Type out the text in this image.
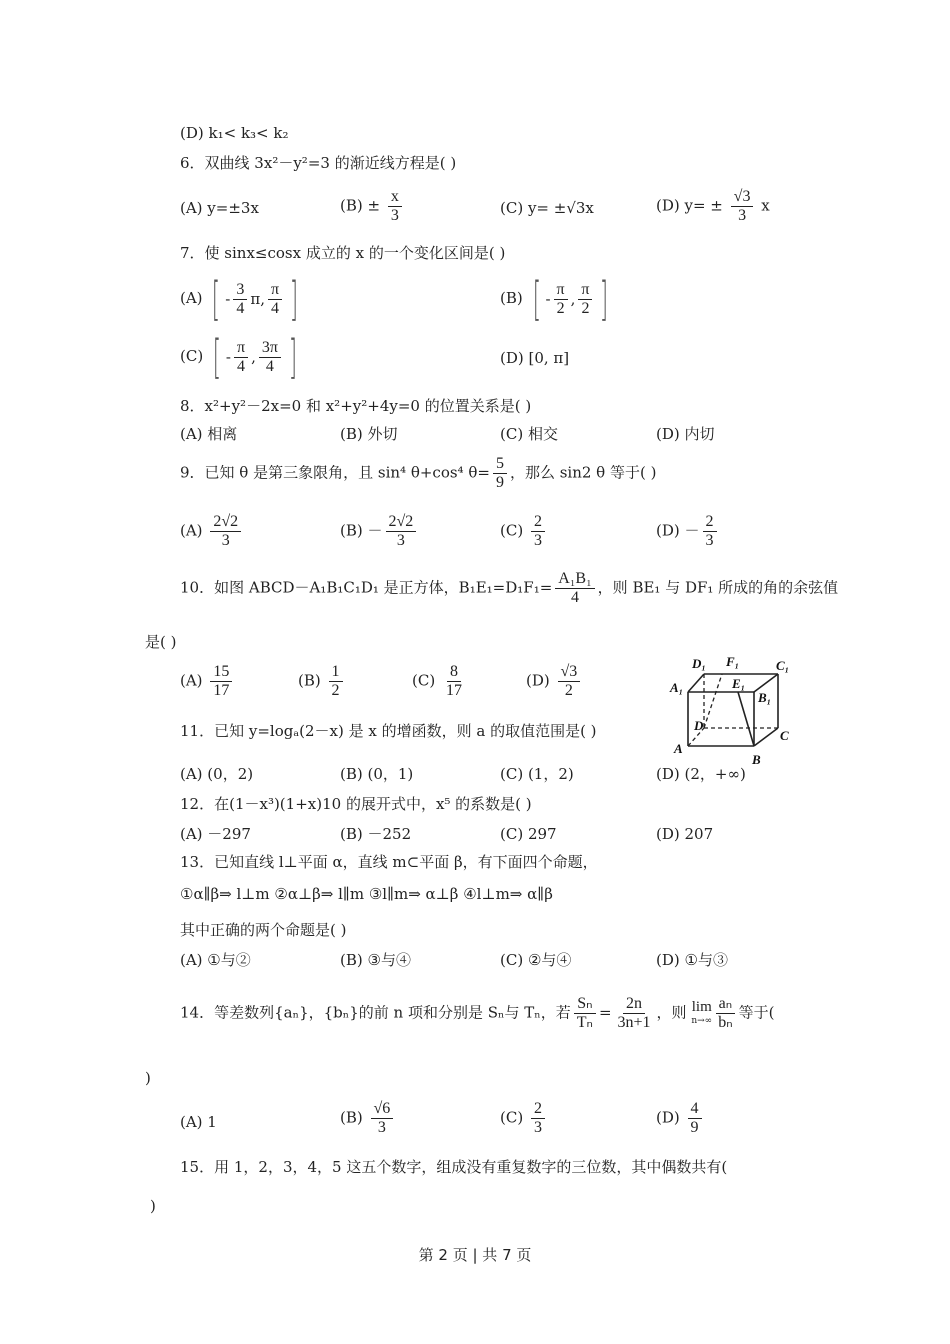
(D) k₁< k₃< k₂
6．双曲线 3x²－y²=3 的渐近线方程是( )
(A) y=±3x	$(B) \pm \frac{x}{3}$	(C) y= ±√3x	(D) $y= \pm \frac{√3}{3}$ x
7．使 sinx≤cosx 成立的 x 的一个变化区间是( )
(A) [ - $\frac{3}{4} \pi$, $\frac{\pi}{4}$ ]	(B) [ - $\frac{\pi}{2}$ , $\frac{\pi}{2}$ ]
(C) [ - $\frac{\pi}{4}$ , $\frac{3\pi}{4}$ ]	(D) [0, π]
8．x²+y²－2x=0 和 x²+y²+4y=0 的位置关系是( )
(A) 相离	(B) 外切	(C) 相交	(D) 内切
9．已知 θ 是第三象限角，且 sin⁴ θ+cos⁴ $\theta= \frac{5}{9}$ ，那么 sin2 θ 等于( )
$(A) \frac{2√2}{3}$	$(B) - \frac{2√2}{3}$	$(C) \frac{2}{3}$	$(D) - \frac{2}{3}$
10．如图 ABCD－A₁B₁C₁D₁ 是正方体，$B_1E_1=D_1F_1= \frac{\text{A₁B₁}}{4}$ ，则 BE₁ 与 DF₁ 所成的角的余弦值
是( )
$(A) \frac{15}{17}$	$(B) \frac{1}{2}$	$(C) \frac{8}{17}$	$(D) \frac{√3}{2}$	D₁ F₁	C₁
A₁	E₁
B₁
D
C
A
B
11．已知 y=logₐ(2－x) 是 x 的增函数，则 a 的取值范围是( )
(A) (0，2)	(B) (0，1)	(C) (1，2)	(D) (2，+∞)
12．在(1－x³)(1+x)10 的展开式中，x⁵ 的系数是( )
(A) －297	(B) －252	(C) 297	(D) 207
13．已知直线 l⊥平面 α，直线 m⊂平面 β，有下面四个命题，
①α∥β⇒ l⊥m ②α⊥β⇒ l∥m ③l∥m⇒ α⊥β ④l⊥m⇒ α∥β
其中正确的两个命题是( )
(A) ①与②	(B) ③与④	(C) ②与④	(D) ①与③
14．等差数列{aₙ}，{bₙ}的前 n 项和分别是 Sₙ与 Tₙ，若 $\frac{\text{Sₙ}}{\text{Tₙ}} = \frac{2n}{3n+1}$ ，则 lim
$n\to\infty \frac{\text{aₙ}}{\text{bₙ}}$ 等于(
)
(A) 1	$(B) \frac{√6}{3}$	$(C) \frac{2}{3}$	$(D) \frac{4}{9}$
15．用 1，2，3，4，5 这五个数字，组成没有重复数字的三位数，其中偶数共有(
)
第 2 页 | 共 7 页
